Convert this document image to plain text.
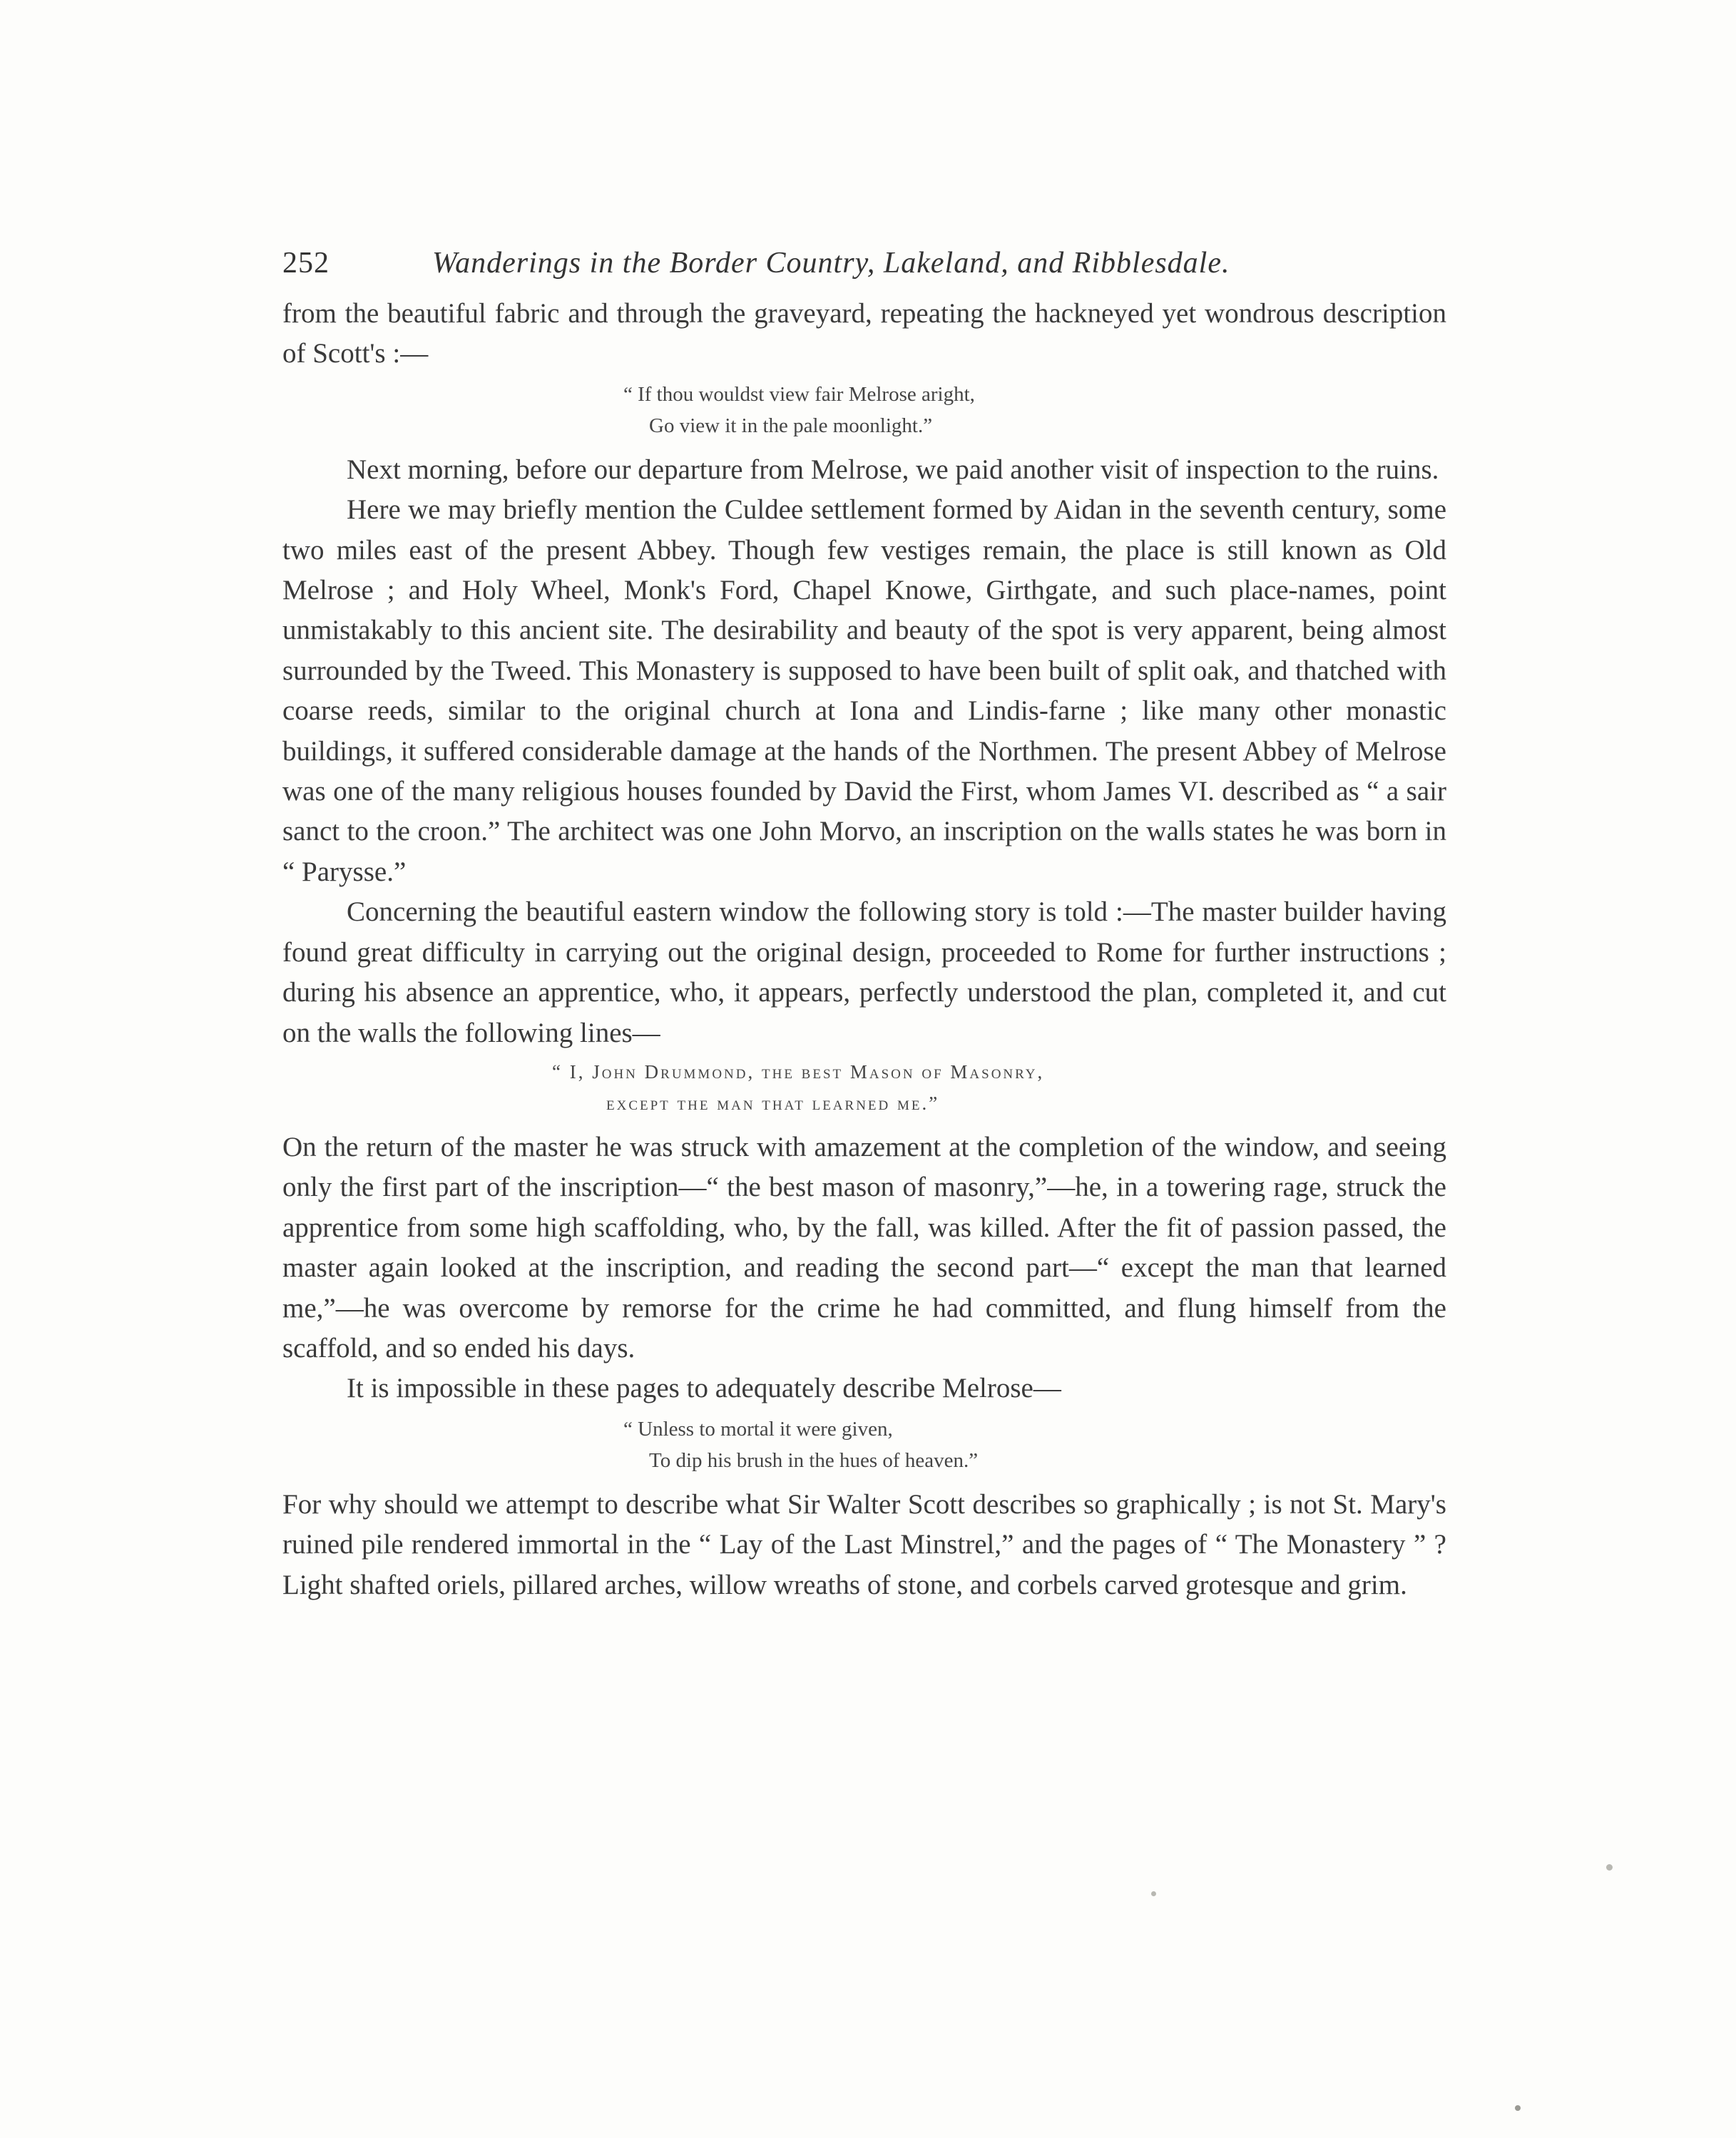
252	Wanderings in the Border Country, Lakeland, and Ribblesdale.

from the beautiful fabric and through the graveyard, repeating the hackneyed yet wondrous description of Scott's :—

“ If thou wouldst view fair Melrose aright,
Go view it in the pale moonlight.”

Next morning, before our departure from Melrose, we paid another visit of inspection to the ruins.

Here we may briefly mention the Culdee settlement formed by Aidan in the seventh century, some two miles east of the present Abbey. Though few vestiges remain, the place is still known as Old Melrose ; and Holy Wheel, Monk's Ford, Chapel Knowe, Girthgate, and such place-names, point unmistakably to this ancient site. The desirability and beauty of the spot is very apparent, being almost surrounded by the Tweed. This Monastery is supposed to have been built of split oak, and thatched with coarse reeds, similar to the original church at Iona and Lindis-farne ; like many other monastic buildings, it suffered considerable damage at the hands of the Northmen. The present Abbey of Melrose was one of the many religious houses founded by David the First, whom James VI. described as “ a sair sanct to the croon.” The architect was one John Morvo, an inscription on the walls states he was born in “ Parysse.”

Concerning the beautiful eastern window the following story is told :—The master builder having found great difficulty in carrying out the original design, proceeded to Rome for further instructions ; during his absence an apprentice, who, it appears, perfectly understood the plan, completed it, and cut on the walls the following lines—

“ I, John Drummond, the best Mason of Masonry,
except the man that learned me.”

On the return of the master he was struck with amazement at the completion of the window, and seeing only the first part of the inscription—“ the best mason of masonry,”—he, in a towering rage, struck the apprentice from some high scaffolding, who, by the fall, was killed. After the fit of passion passed, the master again looked at the inscription, and reading the second part—“ except the man that learned me,”—he was overcome by remorse for the crime he had committed, and flung himself from the scaffold, and so ended his days.

It is impossible in these pages to adequately describe Melrose—

“ Unless to mortal it were given,
To dip his brush in the hues of heaven.”

For why should we attempt to describe what Sir Walter Scott describes so graphically ; is not St. Mary's ruined pile rendered immortal in the “ Lay of the Last Minstrel,” and the pages of “ The Monastery ” ? Light shafted oriels, pillared arches, willow wreaths of stone, and corbels carved grotesque and grim.
